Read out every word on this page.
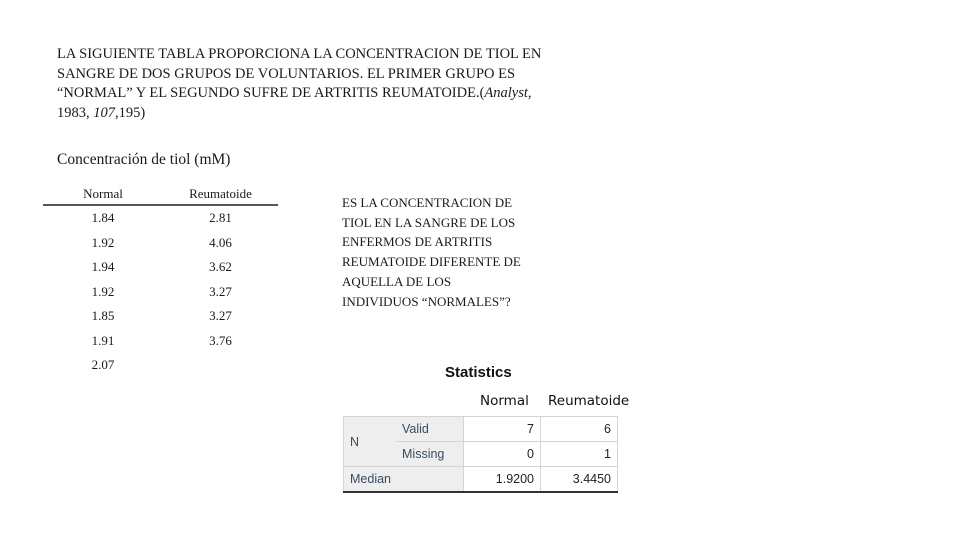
LA SIGUIENTE TABLA PROPORCIONA LA CONCENTRACION DE TIOL EN
SANGRE DE DOS GRUPOS DE VOLUNTARIOS. EL PRIMER GRUPO ES
“NORMAL” Y EL SEGUNDO SUFRE DE ARTRITIS REUMATOIDE.(Analyst,
1983, 107,195)

Concentración de tiol (mM)
Normal	Reumatoide
1.84	2.81
1.92	4.06
1.94	3.62
1.92	3.27
1.85	3.27
1.91	3.76
2.07	

ES LA CONCENTRACION DE
TIOL EN LA SANGRE DE LOS
ENFERMOS DE ARTRITIS
REUMATOIDE DIFERENTE DE
AQUELLA DE LOS
INDIVIDUOS “NORMALES”?

Statistics
Normal Reumatoide
N	Valid	7	6
	Missing	0	1
Median		1.9200	3.4450
